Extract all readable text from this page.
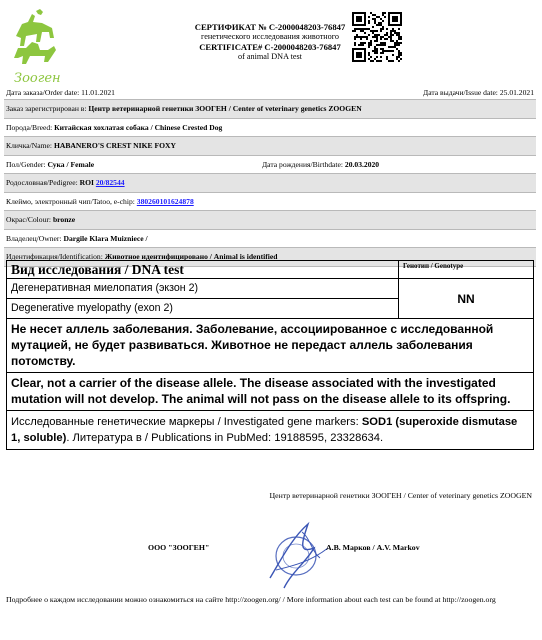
Зооген
СЕРТИФИКАТ № С-2000048203-76847
генетического исследования животного
CERTIFICATE# C-2000048203-76847
of animal DNA test
Дата заказа/Order date: 11.01.2021	Дата выдачи/Issue date: 25.01.2021
Заказ зарегистрирован в: Центр ветеринарной генетики ЗООГЕН / Center of veterinary genetics ZOOGEN
Порода/Breed: Китайская хохлатая собака / Chinese Crested Dog
Кличка/Name: HABANERO'S CREST NIKE FOXY
Пол/Gender: Сука / Female	Дата рождения/Birthdate: 20.03.2020
Родословная/Pedigree: ROI 20/82544
Клеймо, электронный чип/Tatoo, e-chip: 380260101624878
Окрас/Colour: bronze
Владелец/Owner: Dargile Klara Muizniece /
Идентификация/Identification: Животное идентифицировано / Animal is identified
Вид исследования / DNA test	Генотип / Genotype
Дегенеративная миелопатия (экзон 2)	NN
Degenerative myelopathy (exon 2)	
Не несет аллель заболевания. Заболевание, ассоциированное с исследованной мутацией, не будет развиваться. Животное не передаст аллель заболевания потомству.	
Clear, not a carrier of the disease allele. The disease associated with the investigated mutation will not develop. The animal will not pass on the disease allele to its offspring.	
Исследованные генетические маркеры / Investigated gene markers: SOD1 (superoxide dismutase 1, soluble). Литература в / Publications in PubMed: 19188595, 23328634.	
Центр ветеринарной генетики ЗООГЕН / Center of veterinary genetics ZOOGEN
ООО "ЗООГЕН"	А.В. Марков / A.V. Markov
Подробнее о каждом исследовании можно ознакомиться на сайте http://zoogen.org/ / More information about each test can be found at http://zoogen.org
